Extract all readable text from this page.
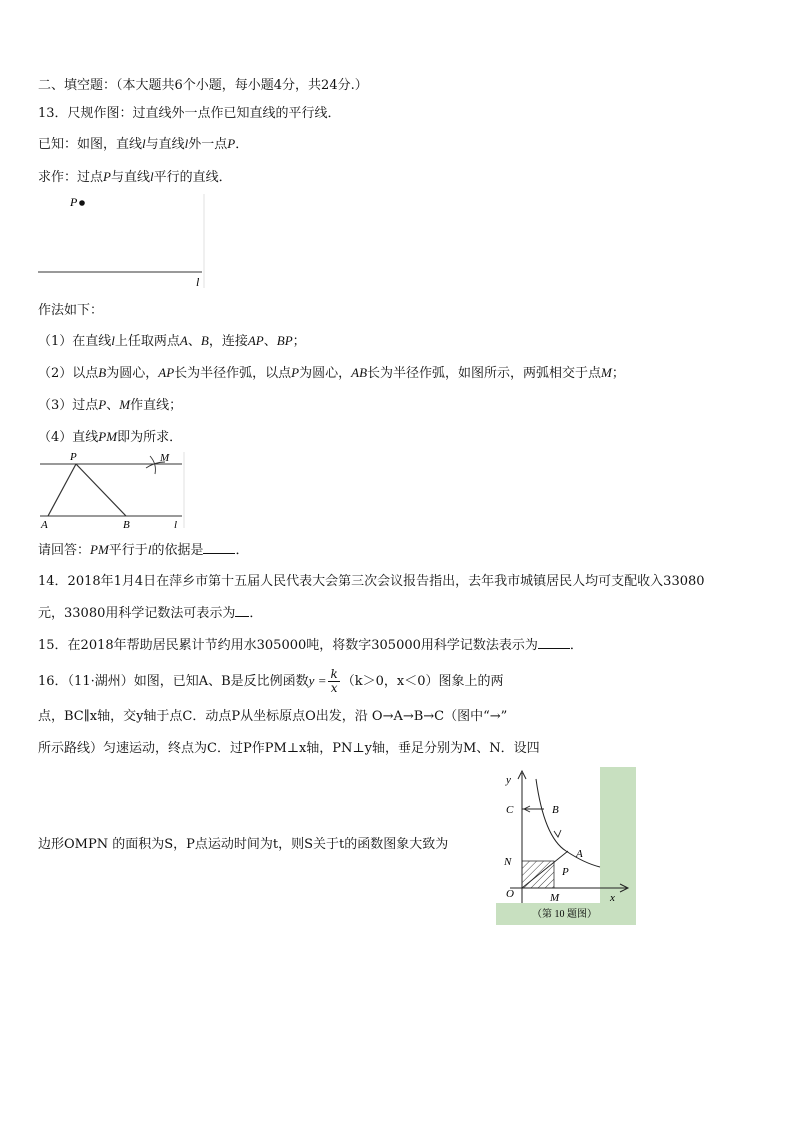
二、填空题：（本大题共6个小题，每小题4分，共24分.）
13．尺规作图：过直线外一点作已知直线的平行线．
已知：如图，直线l与直线l外一点P．
求作：过点P与直线l平行的直线．
P
l
作法如下：
（1）在直线l上任取两点A、B，连接AP、BP；
（2）以点B为圆心，AP长为半径作弧，以点P为圆心，AB长为半径作弧，如图所示，两弧相交于点M；
（3）过点P、M作直线；
（4）直线PM即为所求．
P	M
A	B	l
请回答：PM平行于l的依据是 ．
14．2018年1月4日在萍乡市第十五届人民代表大会第三次会议报告指出，去年我市城镇居民人均可支配收入33080
元，33080用科学记数法可表示为 ．
15．在2018年帮助居民累计节约用水305000吨，将数字305000用科学记数法表示为 ．
16．（11·湖州）如图，已知A、B是反比例函数$y = \frac{k}{x} (k>0$，x＜0）图象上的两
点，BC∥x轴，交y轴于点C．动点P从坐标原点O出发，沿 O→A→B→C（图中“→”
所示路线）匀速运动，终点为C．过P作PM⊥x轴，PN⊥y轴，垂足分别为M、N．设四
边形OMPN 的面积为S，P点运动时间为t，则S关于t的函数图象大致为
y
C	B
A
N
P
O	M	x
（第 10 题图）
